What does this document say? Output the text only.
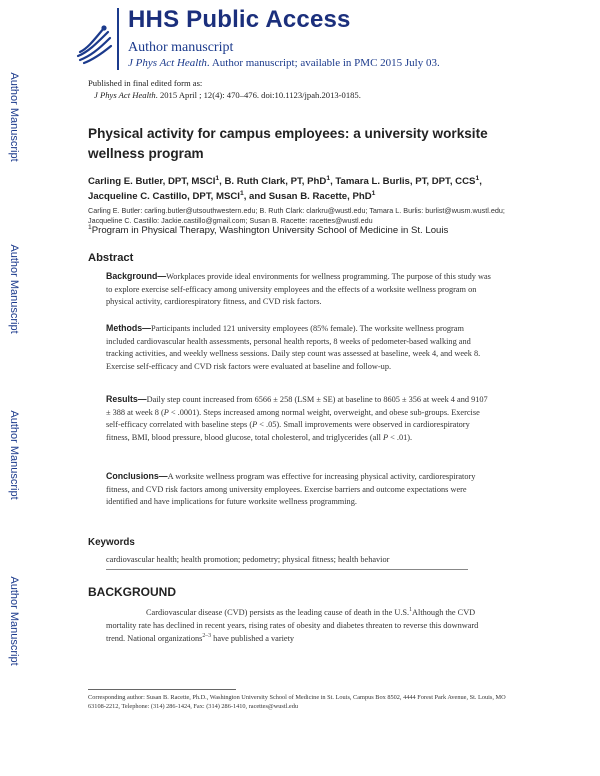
HHS Public Access
Author manuscript
J Phys Act Health. Author manuscript; available in PMC 2015 July 03.
Author Manuscript
Author Manuscript
Author Manuscript
Author Manuscript
Published in final edited form as:
J Phys Act Health. 2015 April ; 12(4): 470–476. doi:10.1123/jpah.2013-0185.
Physical activity for campus employees: a university worksite wellness program
Carling E. Butler, DPT, MSCI$^1$, B. Ruth Clark, PT, PhD$^1$, Tamara L. Burlis, PT, DPT, CCS$^1$, Jacqueline C. Castillo, DPT, MSCI$^1$, and Susan B. Racette, PhD$^1$
Carling E. Butler: carling.butler@utsouthwestern.edu; B. Ruth Clark: clarkru@wustl.edu; Tamara L. Burlis: burlist@wusm.wustl.edu; Jacqueline C. Castillo: Jackie.castillo@gmail.com; Susan B. Racette: racettes@wustl.edu
$^1$Program in Physical Therapy, Washington University School of Medicine in St. Louis
Abstract
Background—Workplaces provide ideal environments for wellness programming. The purpose of this study was to explore exercise self-efficacy among university employees and the effects of a worksite wellness program on physical activity, cardiorespiratory fitness, and CVD risk factors.
Methods—Participants included 121 university employees (85% female). The worksite wellness program included cardiovascular health assessments, personal health reports, 8 weeks of pedometer-based walking and tracking activities, and weekly wellness sessions. Daily step count was assessed at baseline, week 4, and week 8. Exercise self-efficacy and CVD risk factors were evaluated at baseline and follow-up.
Results—Daily step count increased from 6566 ± 258 (LSM ± SE) at baseline to 8605 ± 356 at week 4 and 9107 ± 388 at week 8 (P < .0001). Steps increased among normal weight, overweight, and obese sub-groups. Exercise self-efficacy correlated with baseline steps (P < .05). Small improvements were observed in cardiorespiratory fitness, BMI, blood pressure, blood glucose, total cholesterol, and triglycerides (all P < .01).
Conclusions—A worksite wellness program was effective for increasing physical activity, cardiorespiratory fitness, and CVD risk factors among university employees. Exercise barriers and outcome expectations were identified and have implications for future worksite wellness programming.
Keywords
cardiovascular health; health promotion; pedometry; physical fitness; health behavior
BACKGROUND
Cardiovascular disease (CVD) persists as the leading cause of death in the U.S.$^1$Although the CVD mortality rate has declined in recent years, rising rates of obesity and diabetes threaten to reverse this downward trend. National organizations$^{2-3}$ have published a variety
Corresponding author: Susan B. Racette, Ph.D., Washington University School of Medicine in St. Louis, Campus Box 8502, 4444 Forest Park Avenue, St. Louis, MO 63108-2212, Telephone: (314) 286-1424, Fax: (314) 286-1410, racettes@wustl.edu
